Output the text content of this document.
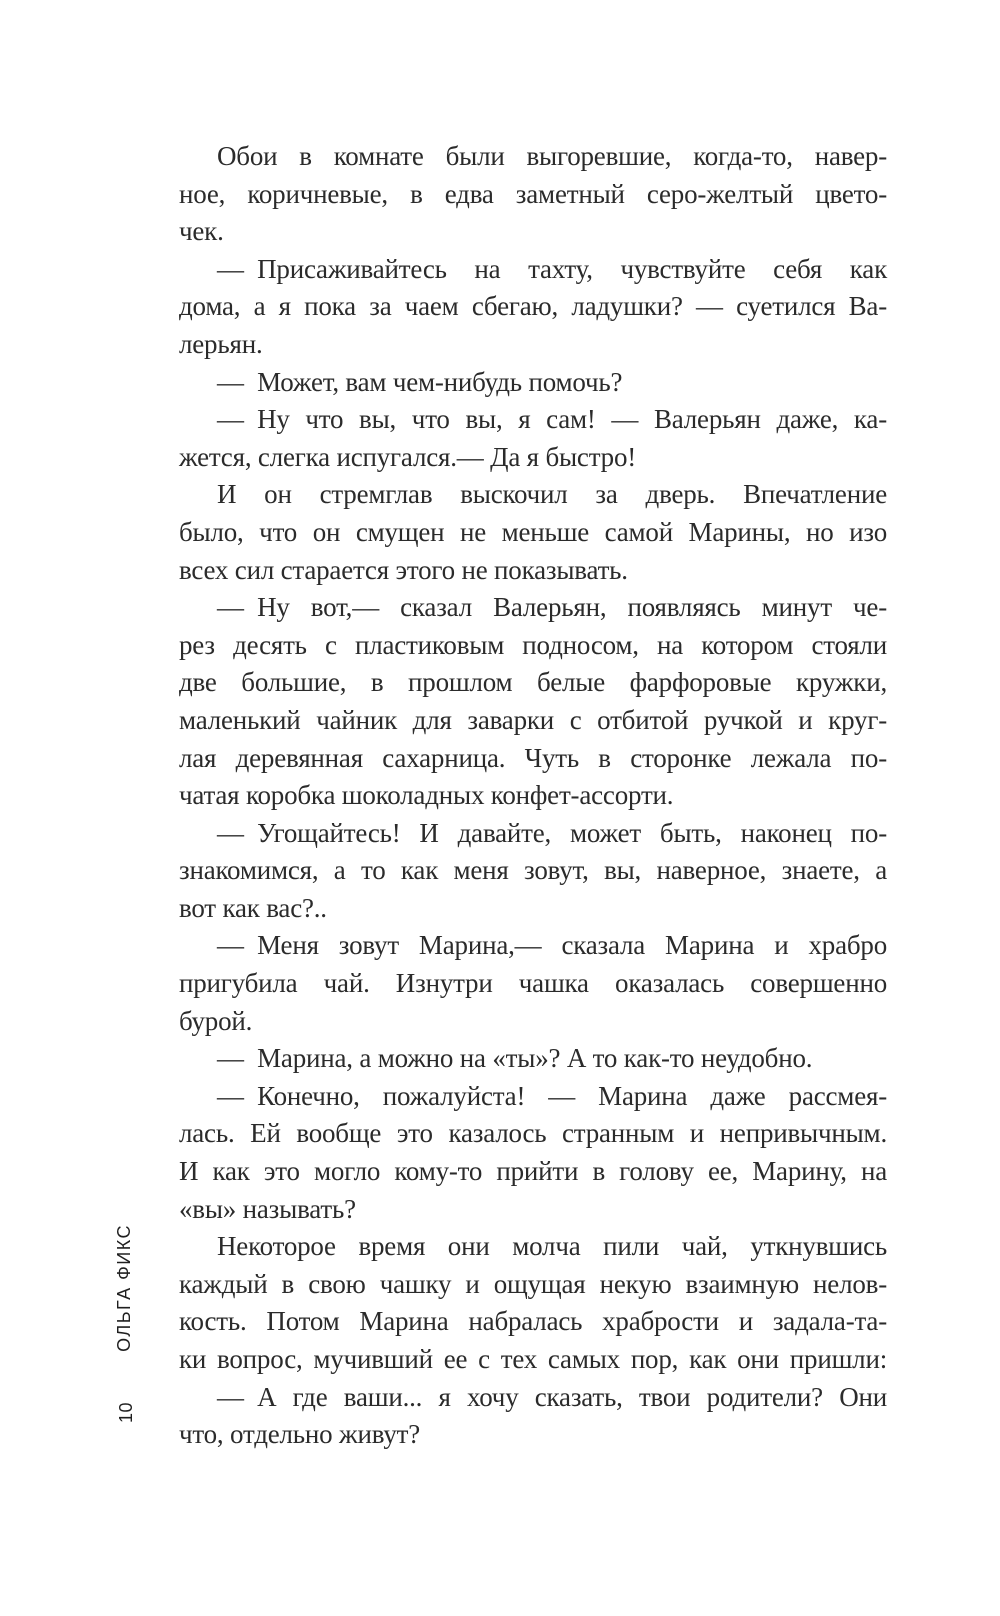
ОЛЬГА ФИКС
10

Обои в комнате были выгоревшие, когда-то, навер-
ное, коричневые, в едва заметный серо-желтый цвето-
чек.

— Присаживайтесь на тахту, чувствуйте себя как
дома, а я пока за чаем сбегаю, ладушки? — суетился Ва-
лерьян.

— Может, вам чем-нибудь помочь?

— Ну что вы, что вы, я сам! — Валерьян даже, ка-
жется, слегка испугался.— Да я быстро!

И он стремглав выскочил за дверь. Впечатление
было, что он смущен не меньше самой Марины, но изо
всех сил старается этого не показывать.

— Ну вот,— сказал Валерьян, появляясь минут че-
рез десять с пластиковым подносом, на котором стояли
две большие, в прошлом белые фарфоровые кружки,
маленький чайник для заварки с отбитой ручкой и круг-
лая деревянная сахарница. Чуть в сторонке лежала по-
чатая коробка шоколадных конфет-ассорти.

— Угощайтесь! И давайте, может быть, наконец по-
знакомимся, а то как меня зовут, вы, наверное, знаете, а
вот как вас?..

— Меня зовут Марина,— сказала Марина и храбро
пригубила чай. Изнутри чашка оказалась совершенно
бурой.

— Марина, а можно на «ты»? А то как-то неудобно.

— Конечно, пожалуйста! — Марина даже рассмея-
лась. Ей вообще это казалось странным и непривычным.
И как это могло кому-то прийти в голову ее, Марину, на
«вы» называть?

Некоторое время они молча пили чай, уткнувшись
каждый в свою чашку и ощущая некую взаимную нелов-
кость. Потом Марина набралась храбрости и задала-та-
ки вопрос, мучивший ее с тех самых пор, как они пришли:

— А где ваши... я хочу сказать, твои родители? Они
что, отдельно живут?
